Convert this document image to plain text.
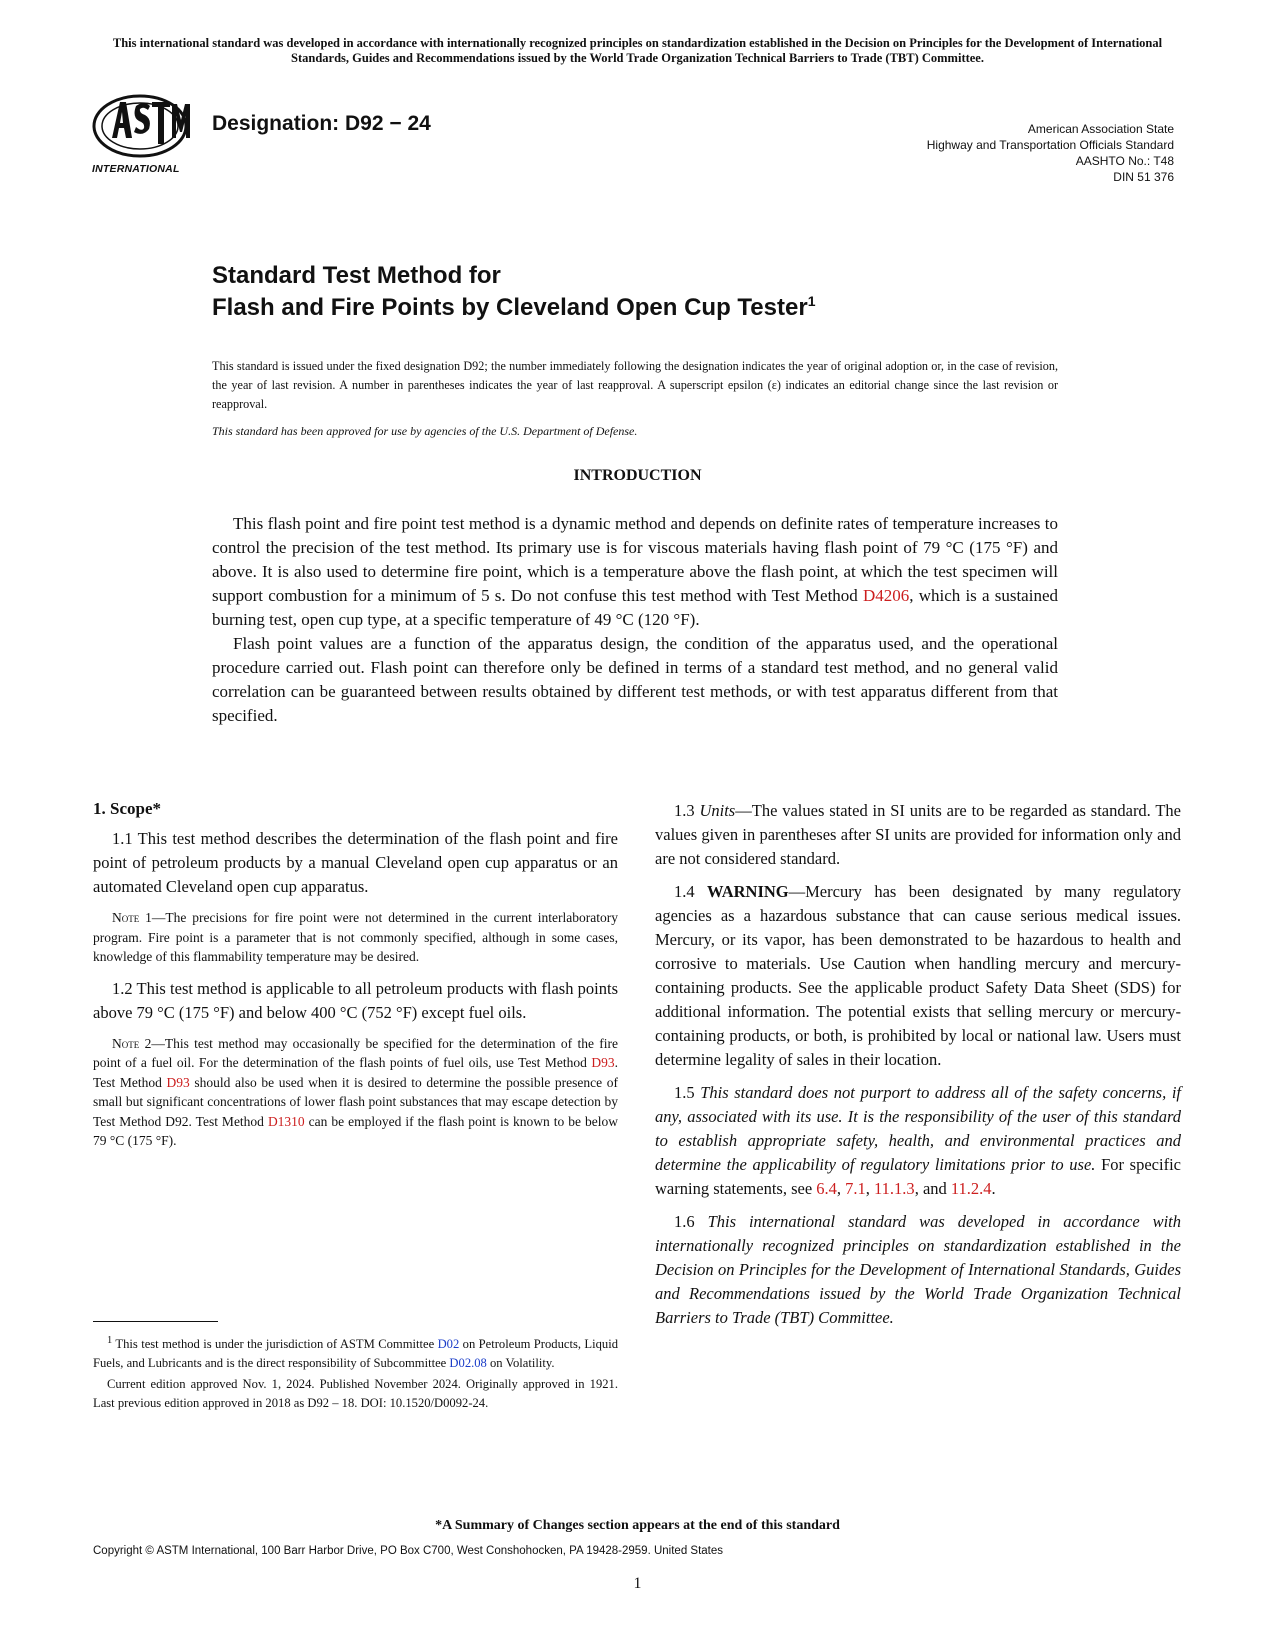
This international standard was developed in accordance with internationally recognized principles on standardization established in the Decision on Principles for the Development of International Standards, Guides and Recommendations issued by the World Trade Organization Technical Barriers to Trade (TBT) Committee.
INTERNATIONAL
Designation: D92 − 24	American Association State
Highway and Transportation Officials Standard
AASHTO No.: T48
DIN 51 376
Standard Test Method for
Flash and Fire Points by Cleveland Open Cup Tester$^1$
This standard is issued under the fixed designation D92; the number immediately following the designation indicates the year of original adoption or, in the case of revision, the year of last revision. A number in parentheses indicates the year of last reapproval. A superscript epsilon (ε) indicates an editorial change since the last revision or reapproval.
This standard has been approved for use by agencies of the U.S. Department of Defense.
INTRODUCTION

This flash point and fire point test method is a dynamic method and depends on definite rates of temperature increases to control the precision of the test method. Its primary use is for viscous materials having flash point of 79 °C (175 °F) and above. It is also used to determine fire point, which is a temperature above the flash point, at which the test specimen will support combustion for a minimum of 5 s. Do not confuse this test method with Test Method D4206, which is a sustained burning test, open cup type, at a specific temperature of 49 °C (120 °F).

Flash point values are a function of the apparatus design, the condition of the apparatus used, and the operational procedure carried out. Flash point can therefore only be defined in terms of a standard test method, and no general valid correlation can be guaranteed between results obtained by different test methods, or with test apparatus different from that specified.

1. Scope*

1.1 This test method describes the determination of the flash point and fire point of petroleum products by a manual Cleveland open cup apparatus or an automated Cleveland open cup apparatus.

Note 1—The precisions for fire point were not determined in the current interlaboratory program. Fire point is a parameter that is not commonly specified, although in some cases, knowledge of this flammability temperature may be desired.

1.2 This test method is applicable to all petroleum products with flash points above 79 °C (175 °F) and below 400 °C (752 °F) except fuel oils.

Note 2—This test method may occasionally be specified for the determination of the fire point of a fuel oil. For the determination of the flash points of fuel oils, use Test Method D93. Test Method D93 should also be used when it is desired to determine the possible presence of small but significant concentrations of lower flash point substances that may escape detection by Test Method D92. Test Method D1310 can be employed if the flash point is known to be below 79 °C (175 °F).

1.3 Units—The values stated in SI units are to be regarded as standard. The values given in parentheses after SI units are provided for information only and are not considered standard.

1.4 WARNING—Mercury has been designated by many regulatory agencies as a hazardous substance that can cause serious medical issues. Mercury, or its vapor, has been demonstrated to be hazardous to health and corrosive to materials. Use Caution when handling mercury and mercury-containing products. See the applicable product Safety Data Sheet (SDS) for additional information. The potential exists that selling mercury or mercury-containing products, or both, is prohibited by local or national law. Users must determine legality of sales in their location.

1.5 This standard does not purport to address all of the safety concerns, if any, associated with its use. It is the responsibility of the user of this standard to establish appropriate safety, health, and environmental practices and determine the applicability of regulatory limitations prior to use. For specific warning statements, see 6.4, 7.1, 11.1.3, and 11.2.4.

1.6 This international standard was developed in accordance with internationally recognized principles on standardization established in the Decision on Principles for the Development of International Standards, Guides and Recommendations issued by the World Trade Organization Technical Barriers to Trade (TBT) Committee.

$^1$ This test method is under the jurisdiction of ASTM Committee D02 on Petroleum Products, Liquid Fuels, and Lubricants and is the direct responsibility of Subcommittee D02.08 on Volatility.

Current edition approved Nov. 1, 2024. Published November 2024. Originally approved in 1921. Last previous edition approved in 2018 as D92 – 18. DOI: 10.1520/D0092-24.

*A Summary of Changes section appears at the end of this standard
Copyright © ASTM International, 100 Barr Harbor Drive, PO Box C700, West Conshohocken, PA 19428-2959. United States
1
